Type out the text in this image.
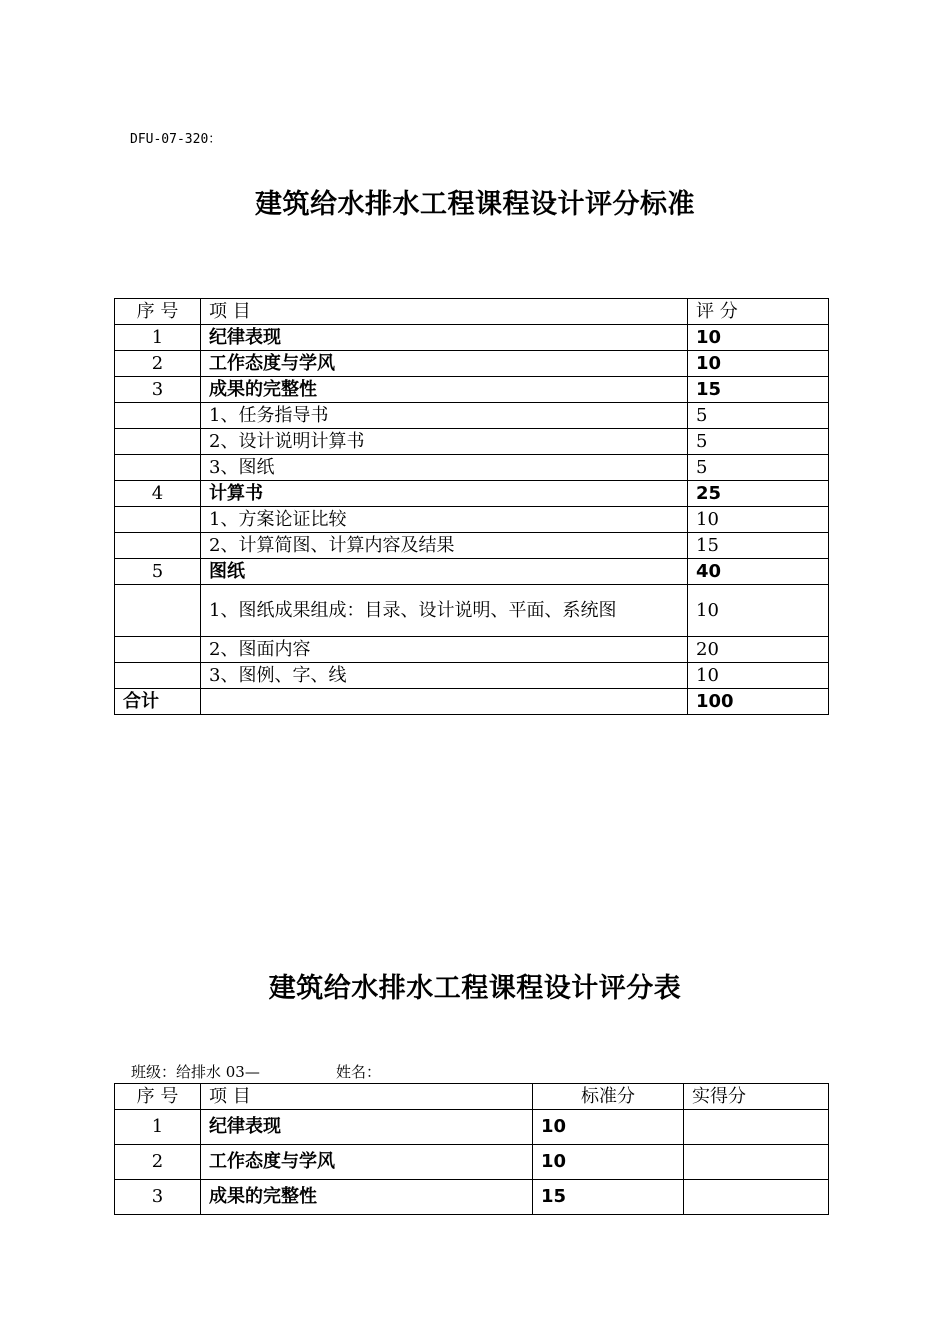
DFU-07-320：
建筑给水排水工程课程设计评分标准
序 号	项 目	评 分
1	纪律表现	10
2	工作态度与学风	10
3	成果的完整性	15
	1、任务指导书	5
	2、设计说明计算书	5
	3、图纸	5
4	计算书	25
	1、方案论证比较	10
	2、计算简图、计算内容及结果	15
5	图纸	40
	1、图纸成果组成：目录、设计说明、平面、系统图	10
	2、图面内容	20
	3、图例、字、线	10
合计		100
建筑给水排水工程课程设计评分表
班级：给排水 03—	姓名：
序 号	项 目	标准分	实得分
1	纪律表现	10	
2	工作态度与学风	10	
3	成果的完整性	15	
